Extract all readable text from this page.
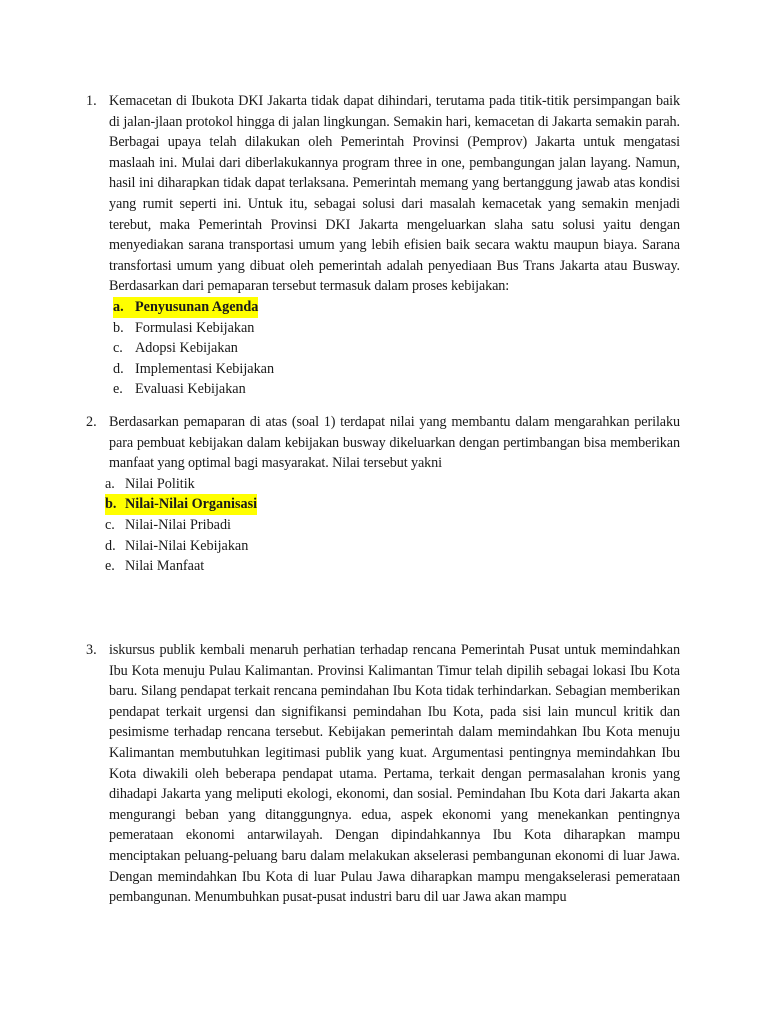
1. Kemacetan di Ibukota DKI Jakarta tidak dapat dihindari, terutama pada titik-titik persimpangan baik di jalan-jlaan protokol hingga di jalan lingkungan. Semakin hari, kemacetan di Jakarta semakin parah. Berbagai upaya telah dilakukan oleh Pemerintah Provinsi (Pemprov) Jakarta untuk mengatasi maslaah ini. Mulai dari diberlakukannya program three in one, pembangungan jalan layang. Namun, hasil ini diharapkan tidak dapat terlaksana. Pemerintah memang yang bertanggung jawab atas kondisi yang rumit seperti ini. Untuk itu, sebagai solusi dari masalah kemacetak yang semakin menjadi terebut, maka Pemerintah Provinsi DKI Jakarta mengeluarkan slaha satu solusi yaitu dengan menyediakan sarana transportasi umum yang lebih efisien baik secara waktu maupun biaya. Sarana transfortasi umum yang dibuat oleh pemerintah adalah penyediaan Bus Trans Jakarta atau Busway. Berdasarkan dari pemaparan tersebut termasuk dalam proses kebijakan:
a. Penyusunan Agenda
b. Formulasi Kebijakan
c. Adopsi Kebijakan
d. Implementasi Kebijakan
e. Evaluasi Kebijakan
2. Berdasarkan pemaparan di atas (soal 1) terdapat nilai yang membantu dalam mengarahkan perilaku para pembuat kebijakan dalam kebijakan busway dikeluarkan dengan pertimbangan bisa memberikan manfaat yang optimal bagi masyarakat. Nilai tersebut yakni
a. Nilai Politik
b. Nilai-Nilai Organisasi
c. Nilai-Nilai Pribadi
d. Nilai-Nilai Kebijakan
e. Nilai Manfaat
3. iskursus publik kembali menaruh perhatian terhadap rencana Pemerintah Pusat untuk memindahkan Ibu Kota menuju Pulau Kalimantan. Provinsi Kalimantan Timur telah dipilih sebagai lokasi Ibu Kota baru. Silang pendapat terkait rencana pemindahan Ibu Kota tidak terhindarkan. Sebagian memberikan pendapat terkait urgensi dan signifikansi pemindahan Ibu Kota, pada sisi lain muncul kritik dan pesimisme terhadap rencana tersebut. Kebijakan pemerintah dalam memindahkan Ibu Kota menuju Kalimantan membutuhkan legitimasi publik yang kuat. Argumentasi pentingnya memindahkan Ibu Kota diwakili oleh beberapa pendapat utama. Pertama, terkait dengan permasalahan kronis yang dihadapi Jakarta yang meliputi ekologi, ekonomi, dan sosial. Pemindahan Ibu Kota dari Jakarta akan mengurangi beban yang ditanggungnya. edua, aspek ekonomi yang menekankan pentingnya pemerataan ekonomi antarwilayah. Dengan dipindahkannya Ibu Kota diharapkan mampu menciptakan peluang-peluang baru dalam melakukan akselerasi pembangunan ekonomi di luar Jawa. Dengan memindahkan Ibu Kota di luar Pulau Jawa diharapkan mampu mengakselerasi pemerataan pembangunan. Menumbuhkan pusat-pusat industri baru dil uar Jawa akan mampu
